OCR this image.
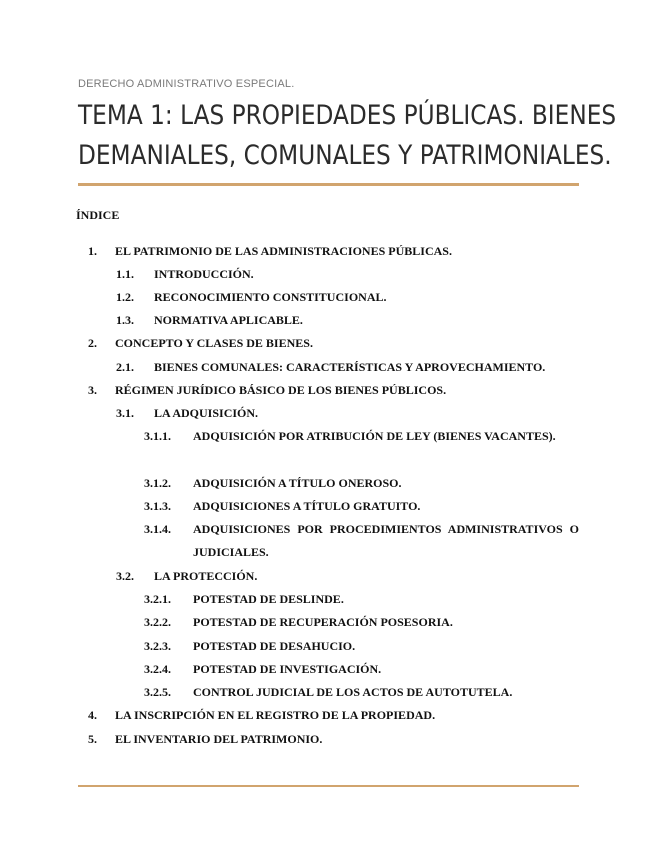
DERECHO ADMINISTRATIVO ESPECIAL.

TEMA 1: LAS PROPIEDADES PÚBLICAS. BIENES
DEMANIALES, COMUNALES Y PATRIMONIALES.
ÍNDICE
1. EL PATRIMONIO DE LAS ADMINISTRACIONES PÚBLICAS.
1.1. INTRODUCCIÓN.
1.2. RECONOCIMIENTO CONSTITUCIONAL.
1.3. NORMATIVA APLICABLE.
2. CONCEPTO Y CLASES DE BIENES.
2.1. BIENES COMUNALES: CARACTERÍSTICAS Y APROVECHAMIENTO.
3. RÉGIMEN JURÍDICO BÁSICO DE LOS BIENES PÚBLICOS.
3.1. LA ADQUISICIÓN.
3.1.1. ADQUISICIÓN POR ATRIBUCIÓN DE LEY (BIENES VACANTES).
3.1.2. ADQUISICIÓN A TÍTULO ONEROSO.
3.1.3. ADQUISICIONES A TÍTULO GRATUITO.
3.1.4. ADQUISICIONES POR PROCEDIMIENTOS ADMINISTRATIVOS O JUDICIALES.
3.2. LA PROTECCIÓN.
3.2.1. POTESTAD DE DESLINDE.
3.2.2. POTESTAD DE RECUPERACIÓN POSESORIA.
3.2.3. POTESTAD DE DESAHUCIO.
3.2.4. POTESTAD DE INVESTIGACIÓN.
3.2.5. CONTROL JUDICIAL DE LOS ACTOS DE AUTOTUTELA.
4. LA INSCRIPCIÓN EN EL REGISTRO DE LA PROPIEDAD.
5. EL INVENTARIO DEL PATRIMONIO.
